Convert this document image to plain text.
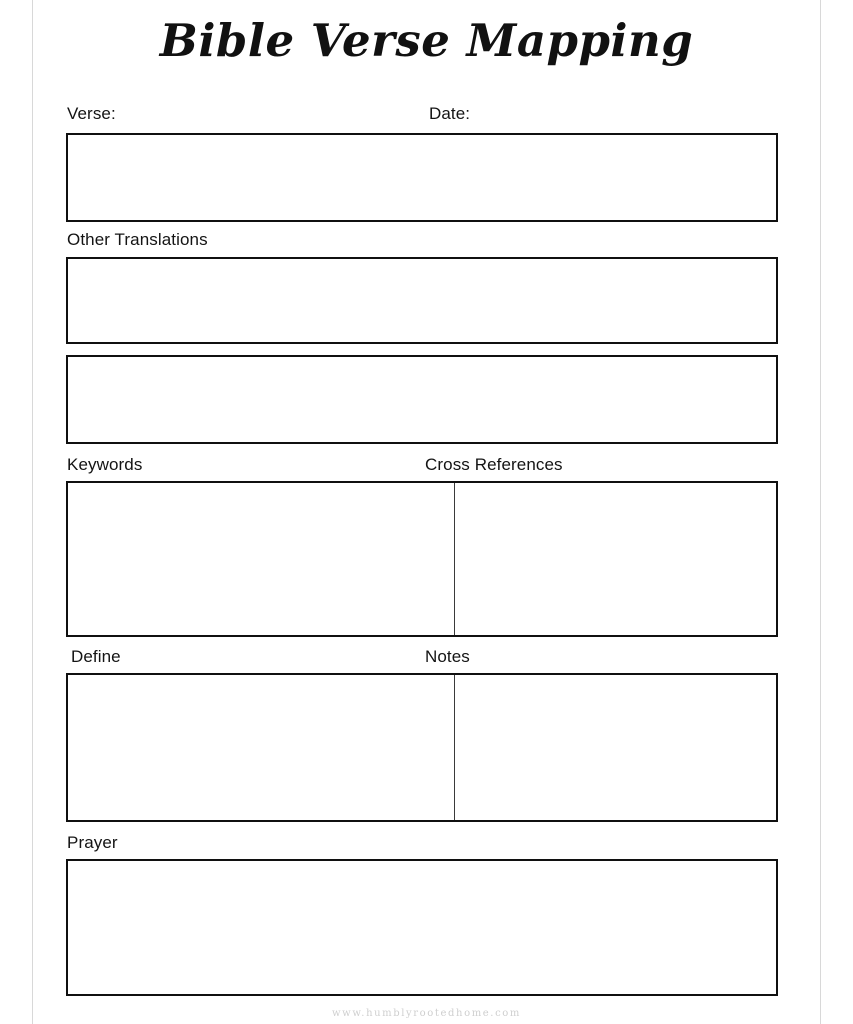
Bible Verse Mapping
Verse:	Date:
Other Translations
Keywords	Cross References
Define	Notes
Prayer
www.humblyrootedhome.com
